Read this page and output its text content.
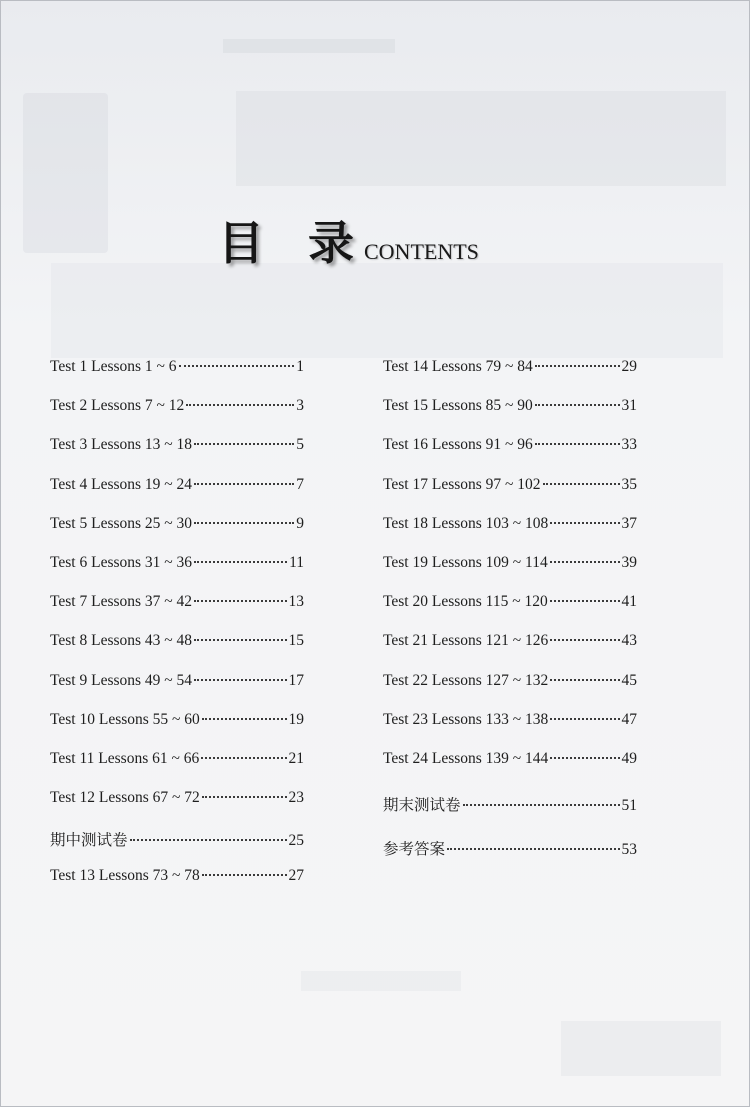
目录
CONTENTS
Test 1 Lessons 1 ~ 6	1
Test 2 Lessons 7 ~ 12	3
Test 3 Lessons 13 ~ 18	5
Test 4 Lessons 19 ~ 24	7
Test 5 Lessons 25 ~ 30	9
Test 6 Lessons 31 ~ 36	11
Test 7 Lessons 37 ~ 42	13
Test 8 Lessons 43 ~ 48	15
Test 9 Lessons 49 ~ 54	17
Test 10 Lessons 55 ~ 60	19
Test 11 Lessons 61 ~ 66	21
Test 12 Lessons 67 ~ 72	23
期中测试卷	25
Test 13 Lessons 73 ~ 78	27
Test 14 Lessons 79 ~ 84	29
Test 15 Lessons 85 ~ 90	31
Test 16 Lessons 91 ~ 96	33
Test 17 Lessons 97 ~ 102	35
Test 18 Lessons 103 ~ 108	37
Test 19 Lessons 109 ~ 114	39
Test 20 Lessons 115 ~ 120	41
Test 21 Lessons 121 ~ 126	43
Test 22 Lessons 127 ~ 132	45
Test 23 Lessons 133 ~ 138	47
Test 24 Lessons 139 ~ 144	49
期末测试卷	51
参考答案	53
